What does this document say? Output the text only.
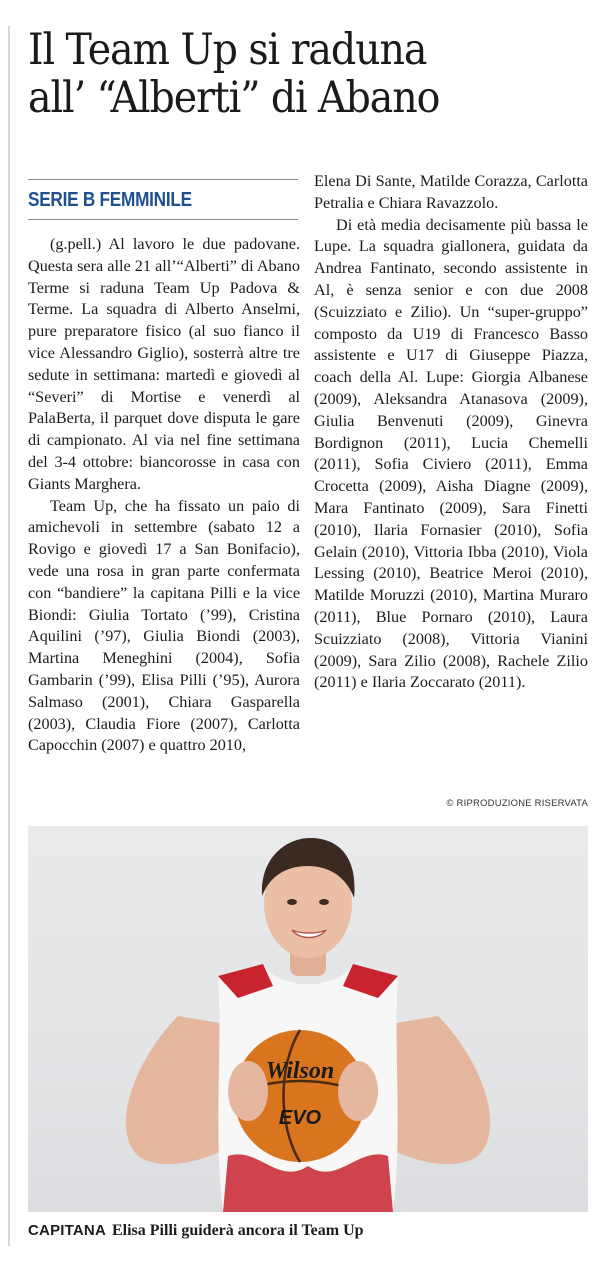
Il Team Up si raduna
all’ “Alberti” di Abano
SERIE B FEMMINILE

(g.pell.) Al lavoro le due padovane. Questa sera alle 21 all’“Alberti” di Abano Terme si raduna Team Up Padova & Terme. La squadra di Alberto Anselmi, pure preparatore fisico (al suo fianco il vice Alessandro Giglio), sosterrà altre tre sedute in settimana: martedì e giovedì al “Severi” di Mortise e venerdì al PalaBerta, il parquet dove disputa le gare di campionato. Al via nel fine settimana del 3-4 ottobre: biancorosse in casa con Giants Marghera.

Team Up, che ha fissato un paio di amichevoli in settembre (sabato 12 a Rovigo e giovedì 17 a San Bonifacio), vede una rosa in gran parte confermata con “bandiere” la capitana Pilli e la vice Biondi: Giulia Tortato (’99), Cristina Aquilini (’97), Giulia Biondi (2003), Martina Meneghini (2004), Sofia Gambarin (’99), Elisa Pilli (’95), Aurora Salmaso (2001), Chiara Gasparella (2003), Claudia Fiore (2007), Carlotta Capocchin (2007) e quattro 2010,

Elena Di Sante, Matilde Corazza, Carlotta Petralia e Chiara Ravazzolo.

Di età media decisamente più bassa le Lupe. La squadra giallonera, guidata da Andrea Fantinato, secondo assistente in Al, è senza senior e con due 2008 (Scuizziato e Zilio). Un “super-gruppo” composto da U19 di Francesco Basso assistente e U17 di Giuseppe Piazza, coach della Al. Lupe: Giorgia Albanese (2009), Aleksandra Atanasova (2009), Giulia Benvenuti (2009), Ginevra Bordignon (2011), Lucia Chemelli (2011), Sofia Civiero (2011), Emma Crocetta (2009), Aisha Diagne (2009), Mara Fantinato (2009), Sara Finetti (2010), Ilaria Fornasier (2010), Sofia Gelain (2010), Vittoria Ibba (2010), Viola Lessing (2010), Beatrice Meroi (2010), Matilde Moruzzi (2010), Martina Muraro (2011), Blue Pornaro (2010), Laura Scuizziato (2008), Vittoria Vianini (2009), Sara Zilio (2008), Rachele Zilio (2011) e Ilaria Zoccarato (2011).

© RIPRODUZIONE RISERVATA
Wilson
EVO
CAPITANA Elisa Pilli guiderà ancora il Team Up
